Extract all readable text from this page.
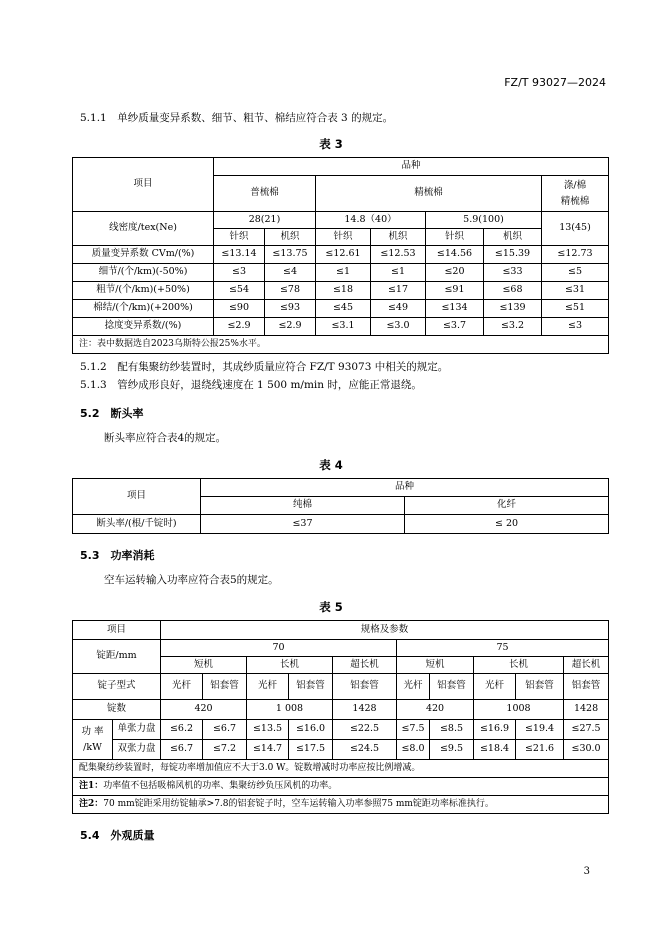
FZ/T 93027—2024
5.1.1　单纱质量变异系数、细节、粗节、棉结应符合表 3 的规定。
表 3
项目	品种						
	普梳棉		精梳棉				涤/棉
精梳棉
线密度/tex(Ne)	28(21)		14.8（40）		5.9(100)		13(45)
	针织	机织	针织	机织	针织	机织	
质量变异系数 CVm/(%)	≤13.14	≤13.75	≤12.61	≤12.53	≤14.56	≤15.39	≤12.73
细节/(个/km)(-50%)	≤3	≤4	≤1	≤1	≤20	≤33	≤5
粗节/(个/km)(+50%)	≤54	≤78	≤18	≤17	≤91	≤68	≤31
棉结/(个/km)(+200%)	≤90	≤93	≤45	≤49	≤134	≤139	≤51
捻度变异系数/(%)	≤2.9	≤2.9	≤3.1	≤3.0	≤3.7	≤3.2	≤3
注：表中数据选自2023乌斯特公报25%水平。							
5.1.2　配有集聚纺纱装置时，其成纱质量应符合 FZ/T 93073 中相关的规定。
5.1.3　管纱成形良好，退绕线速度在 1 500 m/min 时，应能正常退绕。
5.2　断头率
断头率应符合表4的规定。
表 4
项目	品种	
	纯棉	化纤
断头率/(根/千锭时)	≤37	≤ 20
5.3　功率消耗
空车运转输入功率应符合表5的规定。
表 5
项目		规格及参数									
锭距/mm		70					75				
		短机		长机		超长机	短机		长机		超长机
锭子型式		光杆	铝套管	光杆	铝套管	铝套管	光杆	铝套管	光杆	铝套管	铝套管
锭数		420		1 008		1428	420		1008		1428
功 率
/kW	单张力盘	≤6.2	≤6.7	≤13.5	≤16.0	≤22.5	≤7.5	≤8.5	≤16.9	≤19.4	≤27.5
	双张力盘	≤6.7	≤7.2	≤14.7	≤17.5	≤24.5	≤8.0	≤9.5	≤18.4	≤21.6	≤30.0
配集聚纺纱装置时，每锭功率增加值应不大于3.0 W。锭数增减时功率应按比例增减。											
注1：功率值不包括吸棉风机的功率、集聚纺纱负压风机的功率。											
注2：70 mm锭距采用纺锭轴承>7.8的铝套锭子时，空车运转输入功率参照75 mm锭距功率标准执行。											
5.4　外观质量
3
